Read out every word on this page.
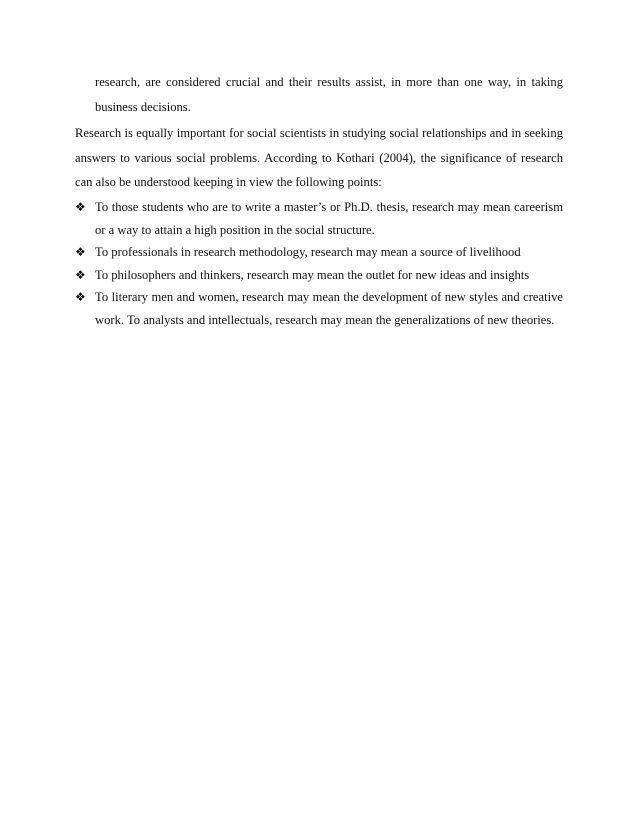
research, are considered crucial and their results assist, in more than one way, in taking business decisions.

Research is equally important for social scientists in studying social relationships and in seeking answers to various social problems. According to Kothari (2004), the significance of research can also be understood keeping in view the following points:

❖ To those students who are to write a master’s or Ph.D. thesis, research may mean careerism or a way to attain a high position in the social structure.
❖ To professionals in research methodology, research may mean a source of livelihood
❖ To philosophers and thinkers, research may mean the outlet for new ideas and insights
❖ To literary men and women, research may mean the development of new styles and creative work. To analysts and intellectuals, research may mean the generalizations of new theories.
